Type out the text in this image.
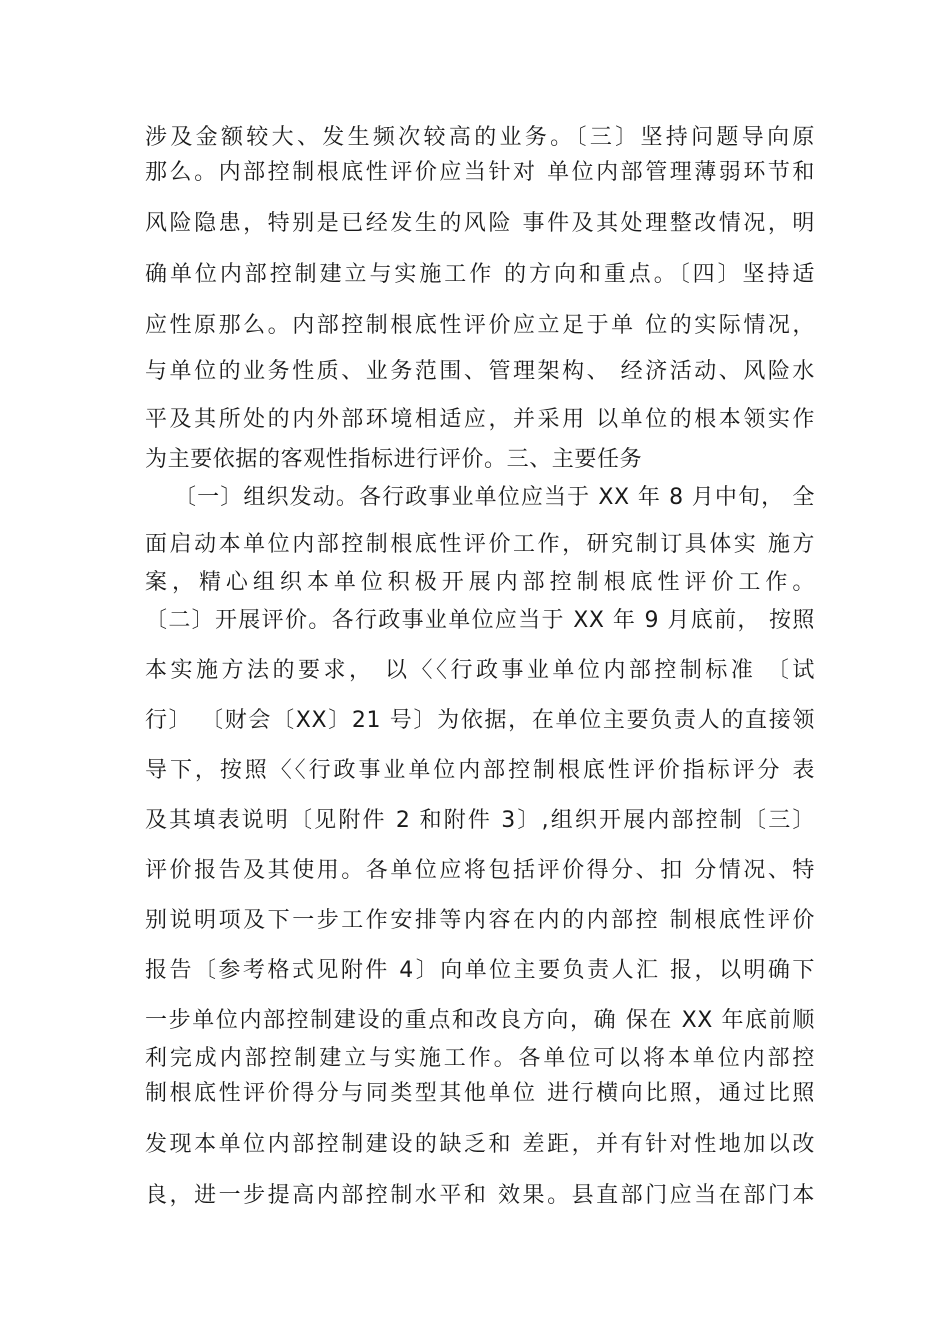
涉及金额较大、发生频次较高的业务。〔三〕坚持问题导向原
那么。内部控制根底性评价应当针对 单位内部管理薄弱环节和
风险隐患，特别是已经发生的风险 事件及其处理整改情况，明
确单位内部控制建立与实施工作 的方向和重点。〔四〕坚持适
应性原那么。内部控制根底性评价应立足于单 位的实际情况，
与单位的业务性质、业务范围、管理架构、 经济活动、风险水
平及其所处的内外部环境相适应，并采用 以单位的根本领实作
为主要依据的客观性指标进行评价。三、主要任务
〔一〕组织发动。各行政事业单位应当于 XX 年 8 月中旬， 全
面启动本单位内部控制根底性评价工作，研究制订具体实 施方
案，精心组织本单位积极开展内部控制根底性评价工作。
〔二〕开展评价。各行政事业单位应当于 XX 年 9 月底前， 按照
本实施方法的要求， 以〈〈行政事业单位内部控制标准 〔试
行〕 〔财会〔XX〕21 号〕为依据，在单位主要负责人的直接领
导下，按照〈〈行政事业单位内部控制根底性评价指标评分 表
及其填表说明〔见附件 2 和附件 3〕,组织开展内部控制〔三〕
评价报告及其使用。各单位应将包括评价得分、扣 分情况、特
别说明项及下一步工作安排等内容在内的内部控 制根底性评价
报告〔参考格式见附件 4〕向单位主要负责人汇 报，以明确下
一步单位内部控制建设的重点和改良方向，确 保在 XX 年底前顺
利完成内部控制建立与实施工作。各单位可以将本单位内部控
制根底性评价得分与同类型其他单位 进行横向比照，通过比照
发现本单位内部控制建设的缺乏和 差距，并有针对性地加以改
良，进一步提高内部控制水平和 效果。县直部门应当在部门本
